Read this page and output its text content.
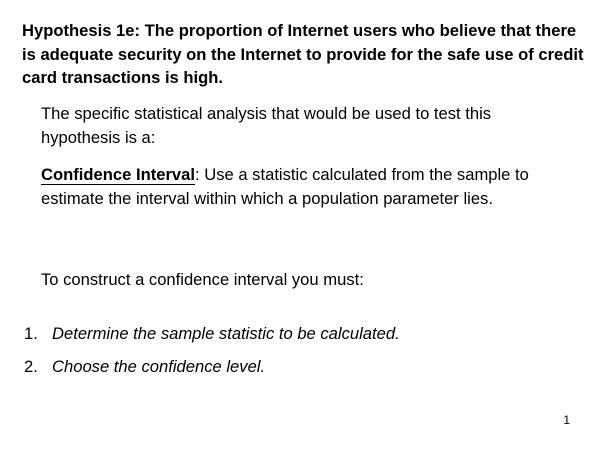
Hypothesis 1e: The proportion of Internet users who believe that there is adequate security on the Internet to provide for the safe use of credit card transactions is high.

The specific statistical analysis that would be used to test this hypothesis is a:

Confidence Interval: Use a statistic calculated from the sample to estimate the interval within which a population parameter lies.

To construct a confidence interval you must:

1. Determine the sample statistic to be calculated.
2. Choose the confidence level.
1
